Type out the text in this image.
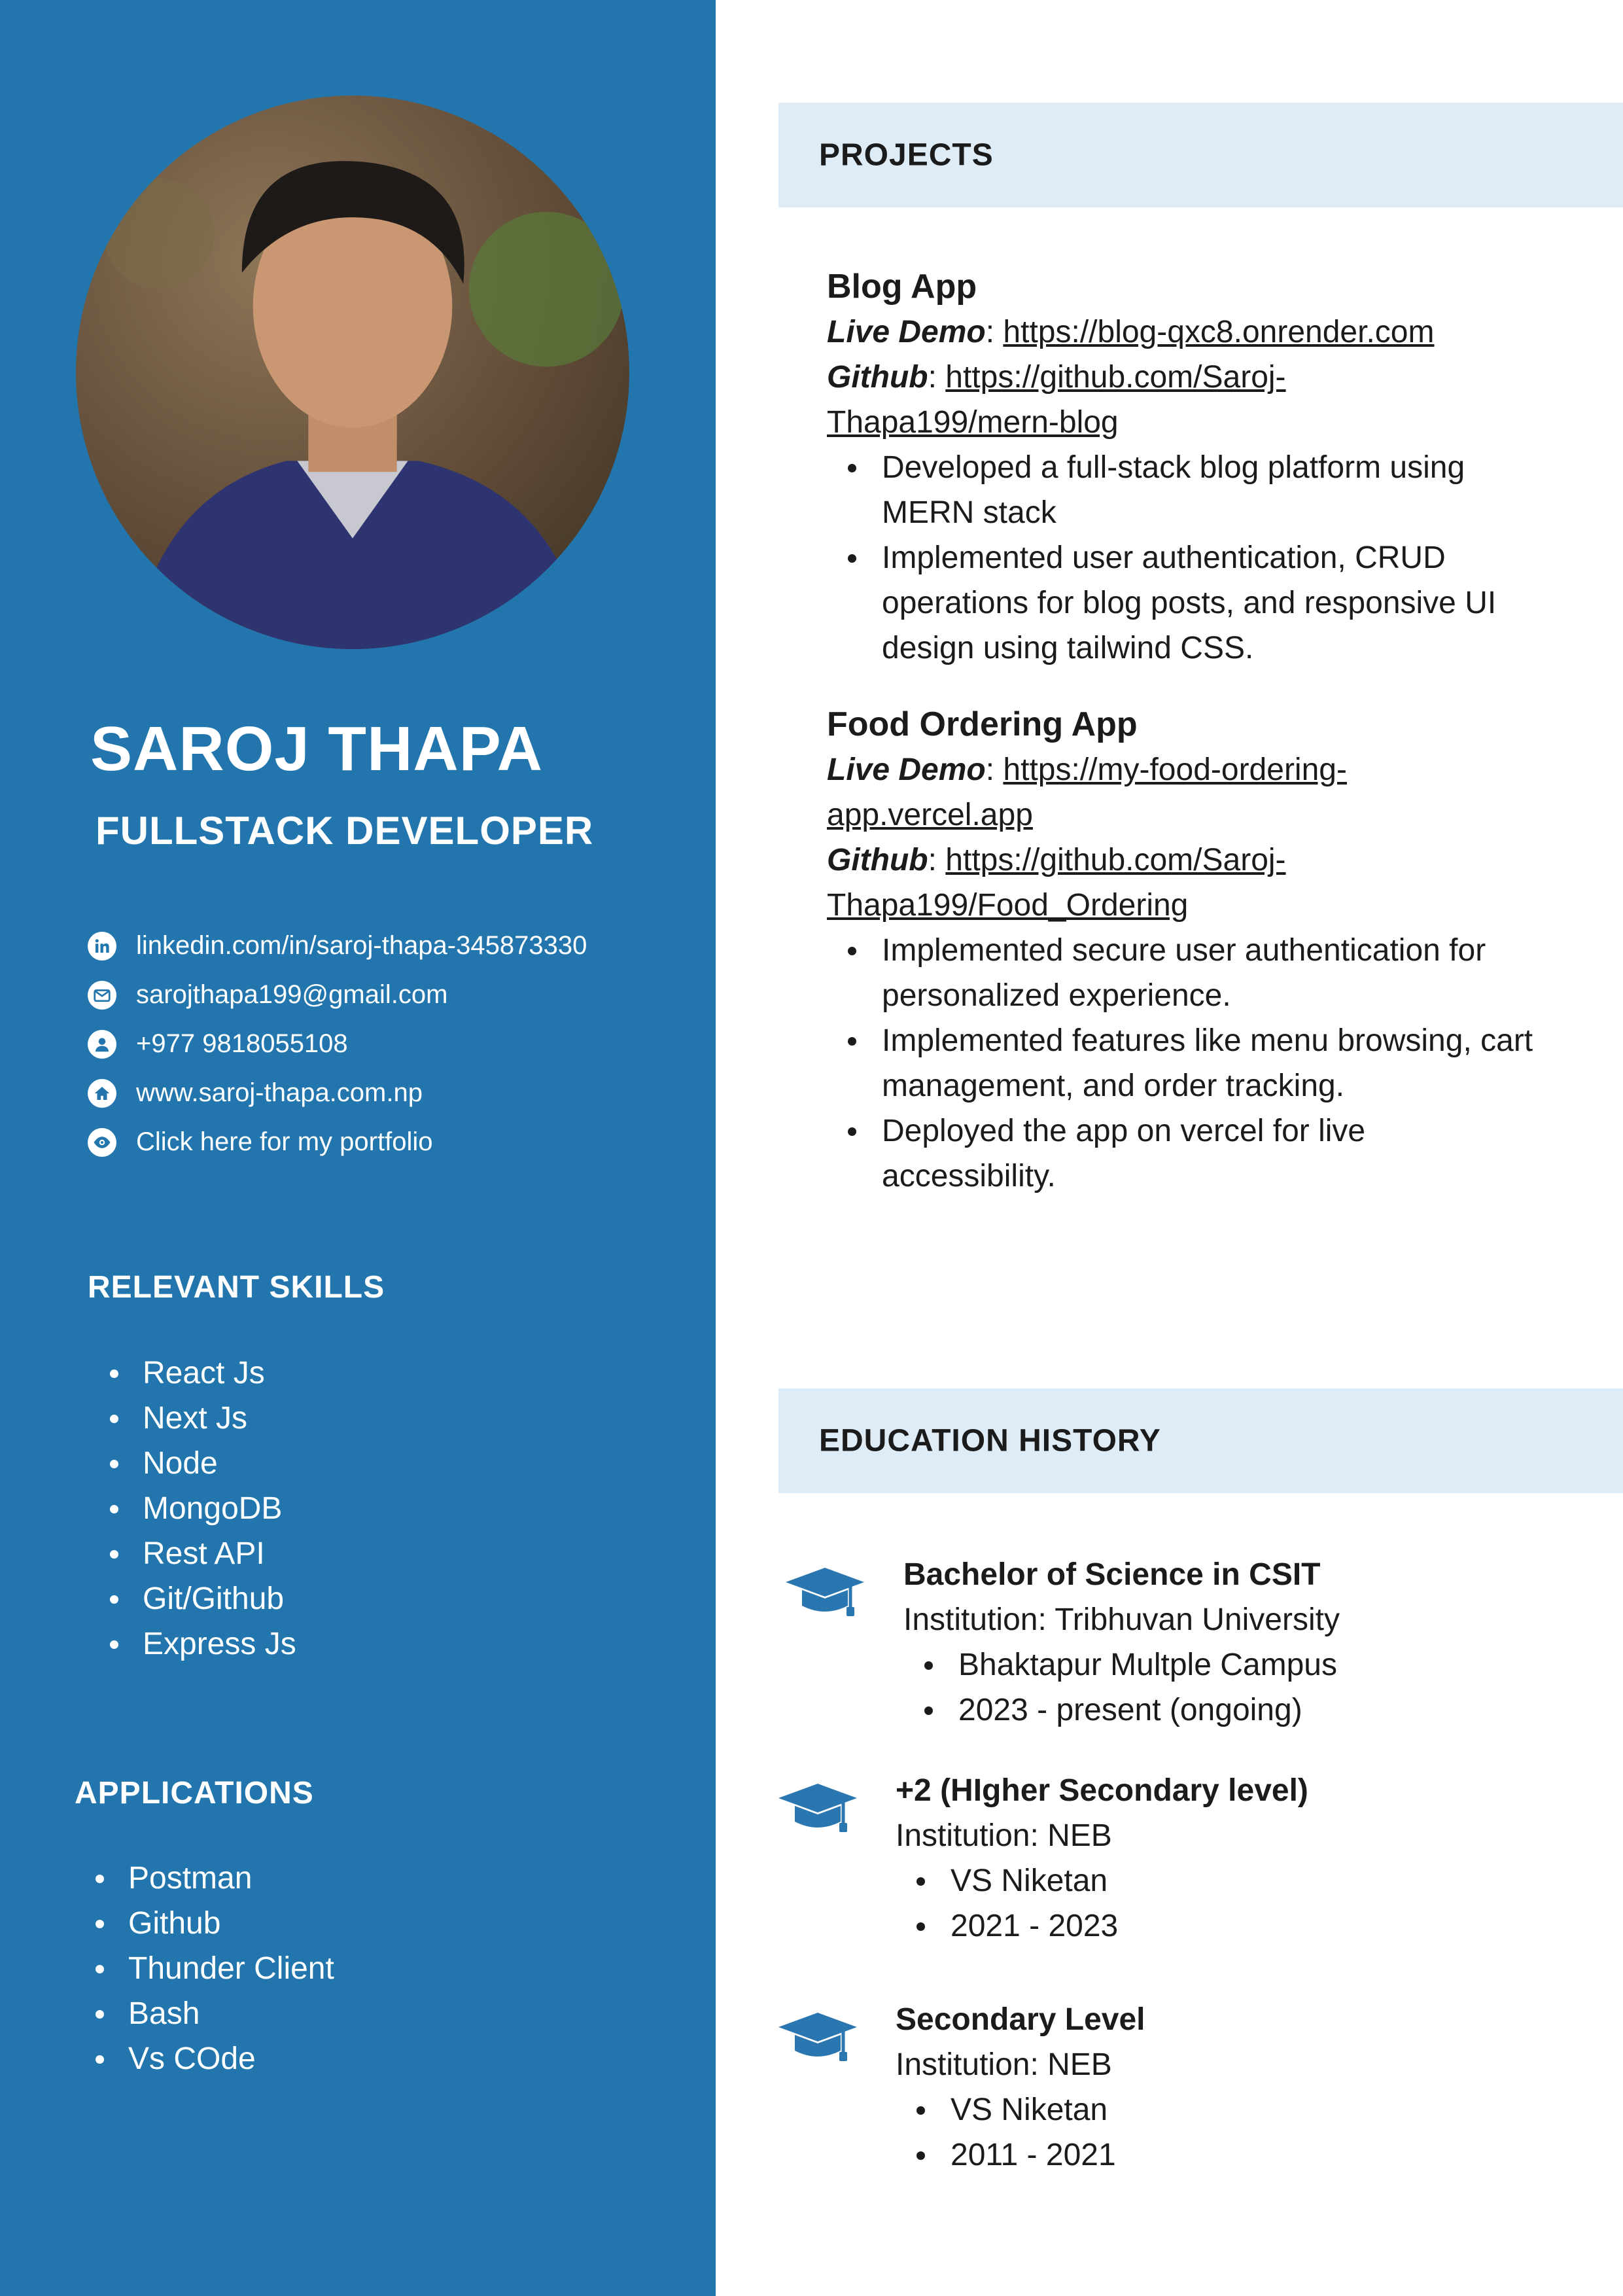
SAROJ THAPA
FULLSTACK DEVELOPER
linkedin.com/in/saroj-thapa-345873330
sarojthapa199@gmail.com
+977 9818055108
www.saroj-thapa.com.np
Click here for my portfolio
RELEVANT SKILLS
React Js
Next Js
Node
MongoDB
Rest API
Git/Github
Express Js
APPLICATIONS
Postman
Github
Thunder Client
Bash
Vs COde
PROJECTS
Blog App
Live Demo: https://blog-qxc8.onrender.com
Github: https://github.com/Saroj-
Thapa199/mern-blog
Developed a full-stack blog platform using MERN stack
Implemented user authentication, CRUD operations for blog posts, and responsive UI design using tailwind CSS.
Food Ordering App
Live Demo: https://my-food-ordering-
app.vercel.app
Github: https://github.com/Saroj-
Thapa199/Food_Ordering
Implemented secure user authentication for personalized experience.
Implemented features like menu browsing, cart management, and order tracking.
Deployed the app on vercel for live accessibility.
EDUCATION HISTORY
Bachelor of Science in CSIT
Institution: Tribhuvan University
Bhaktapur Multple Campus
2023 - present (ongoing)
+2 (HIgher Secondary level)
Institution: NEB
VS Niketan
2021 - 2023
Secondary Level
Institution: NEB
VS Niketan
2011 - 2021
